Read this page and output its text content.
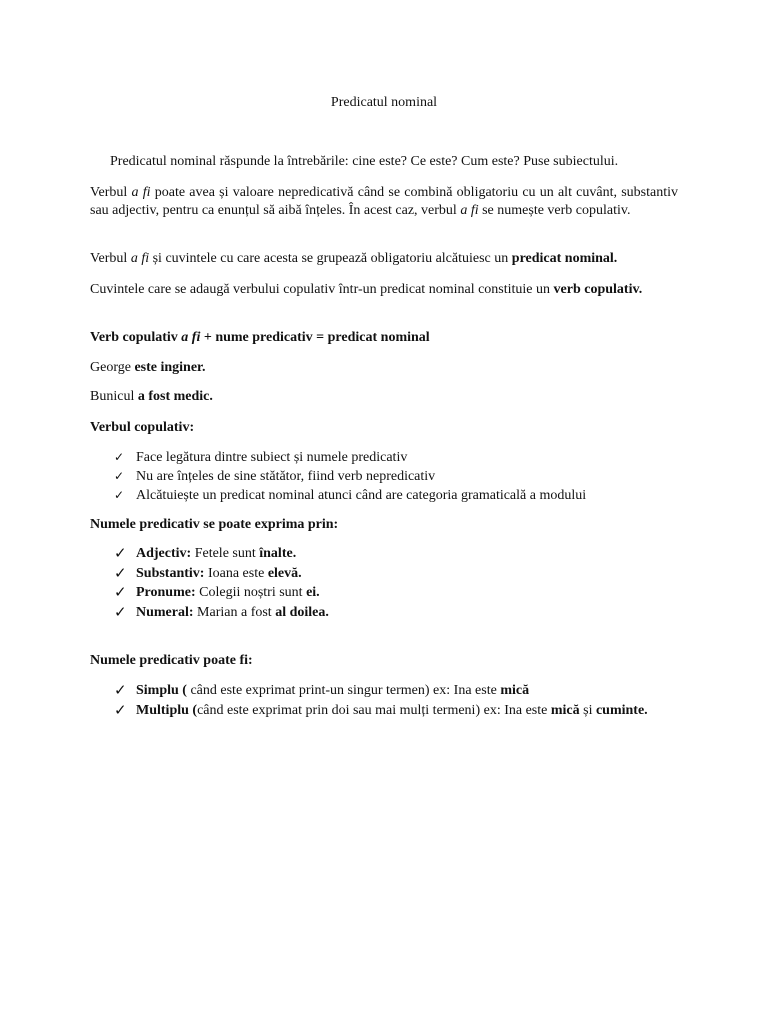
Predicatul nominal

Predicatul nominal răspunde la întrebările: cine este? Ce este? Cum este? Puse subiectului.

Verbul a fi poate avea și valoare nepredicativă când se combină obligatoriu cu un alt cuvânt, substantiv sau adjectiv, pentru ca enunțul să aibă înțeles. În acest caz, verbul a fi se numește verb copulativ.

Verbul a fi și cuvintele cu care acesta se grupează obligatoriu alcătuiesc un predicat nominal.

Cuvintele care se adaugă verbului copulativ într-un predicat nominal constituie un verb copulativ.

Verb copulativ a fi + nume predicativ = predicat nominal

George este inginer.

Bunicul a fost medic.

Verbul copulativ:

✓ Face legătura dintre subiect și numele predicativ
✓ Nu are înțeles de sine stătător, fiind verb nepredicativ
✓ Alcătuiește un predicat nominal atunci când are categoria gramaticală a modului

Numele predicativ se poate exprima prin:

✓ Adjectiv: Fetele sunt înalte.
✓ Substantiv: Ioana este elevă.
✓ Pronume: Colegii noștri sunt ei.
✓ Numeral: Marian a fost al doilea.

Numele predicativ poate fi:

✓ Simplu ( când este exprimat print-un singur termen) ex: Ina este mică
✓ Multiplu (când este exprimat prin doi sau mai mulți termeni) ex: Ina este mică și cuminte.
